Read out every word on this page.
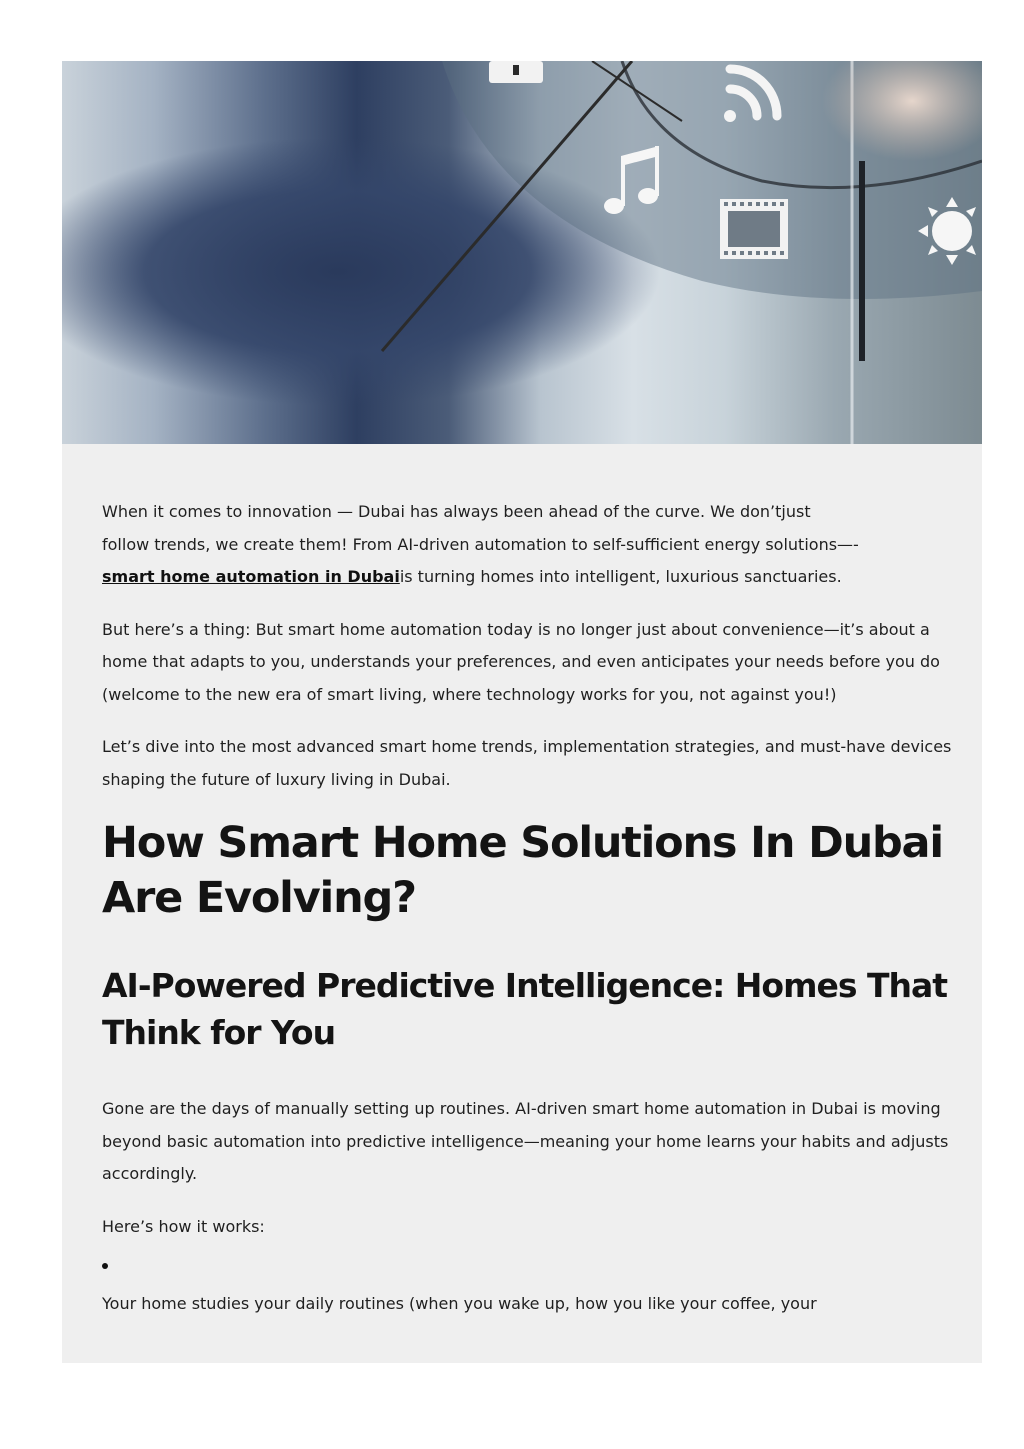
When it comes to innovation — Dubai has always been ahead of the curve. We don’tjust
follow trends, we create them! From AI-driven automation to self-sufficient energy solutions—-
smart home automation in Dubaiis turning homes into intelligent, luxurious sanctuaries.

But here’s a thing: But smart home automation today is no longer just about convenience—it’s about a home that adapts to you, understands your preferences, and even anticipates your needs before you do (welcome to the new era of smart living, where technology works for you, not against you!)

Let’s dive into the most advanced smart home trends, implementation strategies, and must-have devices shaping the future of luxury living in Dubai.

How Smart Home Solutions In Dubai Are Evolving?
AI-Powered Predictive Intelligence: Homes That Think for You

Gone are the days of manually setting up routines. AI-driven smart home automation in Dubai is moving beyond basic automation into predictive intelligence—meaning your home learns your habits and adjusts accordingly.

Here’s how it works:

Your home studies your daily routines (when you wake up, how you like your coffee, your
